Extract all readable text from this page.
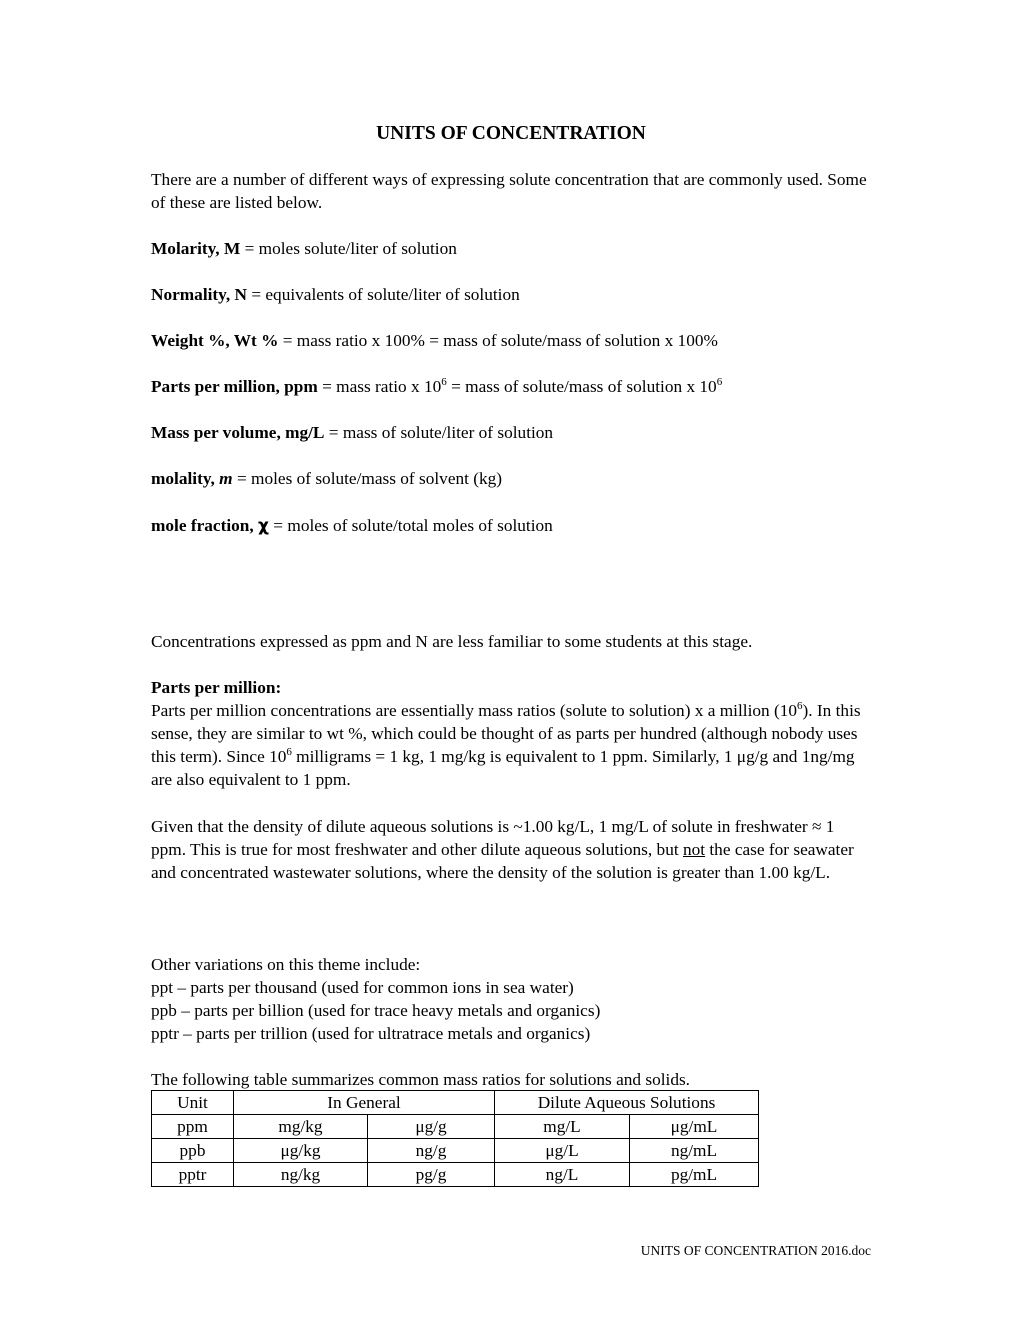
UNITS OF CONCENTRATION

There are a number of different ways of expressing solute concentration that are commonly used. Some of these are listed below.

Molarity, M = moles solute/liter of solution

Normality, N = equivalents of solute/liter of solution

Weight %, Wt % = mass ratio x 100% = mass of solute/mass of solution x 100%

Parts per million, ppm = mass ratio x $10^6$ = mass of solute/mass of solution x $10^6$

Mass per volume, mg/L = mass of solute/liter of solution

molality, m = moles of solute/mass of solvent (kg)

mole fraction, χ = moles of solute/total moles of solution

Concentrations expressed as ppm and N are less familiar to some students at this stage.

Parts per million:
Parts per million concentrations are essentially mass ratios (solute to solution) x a million $(10^6)$. In this sense, they are similar to wt %, which could be thought of as parts per hundred (although nobody uses this term). Since $10^6$ milligrams = 1 kg, 1 mg/kg is equivalent to 1 ppm. Similarly, 1 μg/g and 1ng/mg are also equivalent to 1 ppm.

Given that the density of dilute aqueous solutions is ~1.00 kg/L, 1 mg/L of solute in freshwater ≈ 1 ppm. This is true for most freshwater and other dilute aqueous solutions, but not the case for seawater and concentrated wastewater solutions, where the density of the solution is greater than 1.00 kg/L.

Other variations on this theme include:
ppt – parts per thousand (used for common ions in sea water)
ppb – parts per billion (used for trace heavy metals and organics)
pptr – parts per trillion (used for ultratrace metals and organics)

The following table summarizes common mass ratios for solutions and solids.

Unit	In General		Dilute Aqueous Solutions	
ppm	mg/kg	μg/g	mg/L	μg/mL
ppb	μg/kg	ng/g	μg/L	ng/mL
pptr	ng/kg	pg/g	ng/L	pg/mL
UNITS OF CONCENTRATION 2016.doc
